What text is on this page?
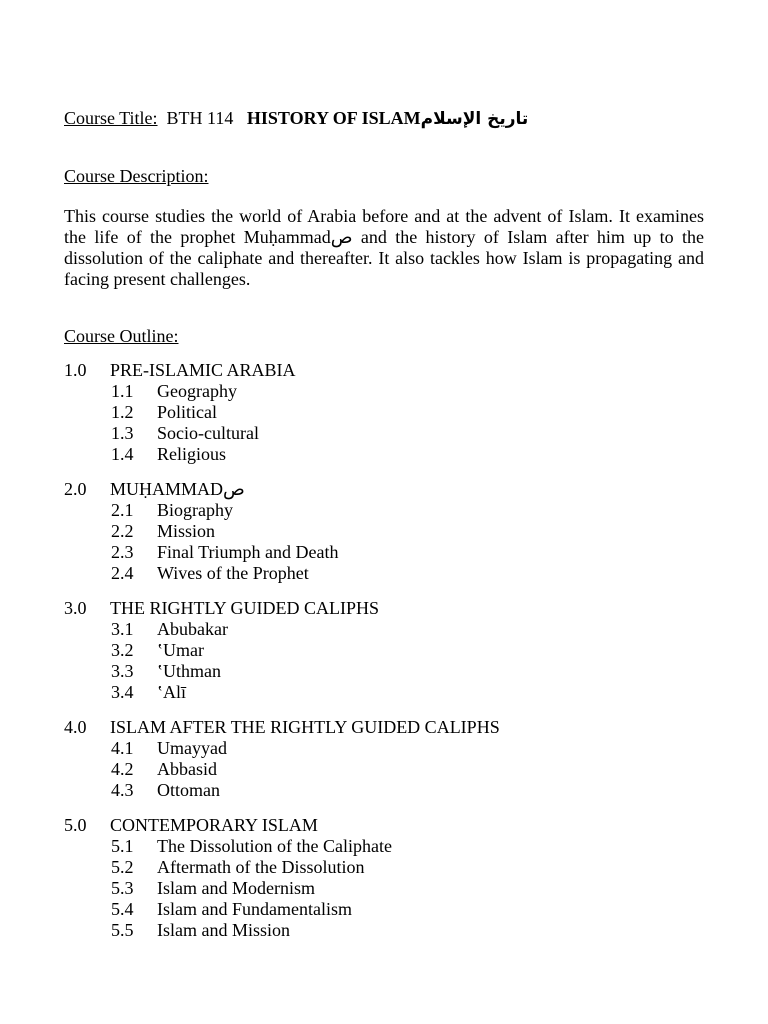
Course Title: BTH 114 HISTORY OF ISLAMتاريخ الإسلام
Course Description:
This course studies the world of Arabia before and at the advent of Islam. It examines the life of the prophet Muḥammadص and the history of Islam after him up to the dissolution of the caliphate and thereafter. It also tackles how Islam is propagating and facing present challenges.
Course Outline:
1.0	PRE-ISLAMIC ARABIA
1.1	Geography
1.2	Political
1.3	Socio-cultural
1.4	Religious
2.0	MUḤAMMADص
2.1	Biography
2.2	Mission
2.3	Final Triumph and Death
2.4	Wives of the Prophet
3.0	THE RIGHTLY GUIDED CALIPHS
3.1	Abubakar
3.2	ʽUmar
3.3	ʽUthman
3.4	ʽAlī
4.0	ISLAM AFTER THE RIGHTLY GUIDED CALIPHS
4.1	Umayyad
4.2	Abbasid
4.3	Ottoman
5.0	CONTEMPORARY ISLAM
5.1	The Dissolution of the Caliphate
5.2	Aftermath of the Dissolution
5.3	Islam and Modernism
5.4	Islam and Fundamentalism
5.5	Islam and Mission
